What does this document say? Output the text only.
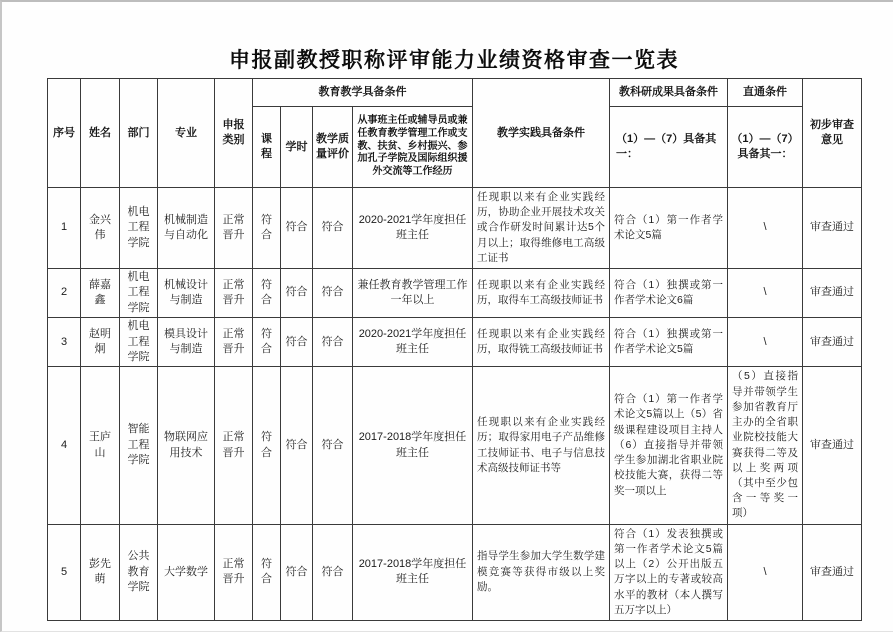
申报副教授职称评审能力业绩资格审查一览表
序号	姓名	部门	专业	申报类别	教育教学具备条件				教学实践具备条件	教科研成果具备条件	直通条件	初步审查意见
					课程	学时	教学质量评价	从事班主任或辅导员或兼任教育教学管理工作或支教、扶贫、乡村振兴、参加孔子学院及国际组织援外交流等工作经历		（1）—（7）具备其一：	（1）—（7）具备其一：	
1	金兴伟	机电工程学院	机械制造与自动化	正常晋升	符合	符合	符合	2020-2021学年度担任班主任	任现职以来有企业实践经历，协助企业开展技术攻关或合作研发时间累计达5个月以上；取得维修电工高级工证书	符合（1）第一作者学术论文5篇	\	审查通过
2	薛嘉鑫	机电工程学院	机械设计与制造	正常晋升	符合	符合	符合	兼任教育教学管理工作一年以上	任现职以来有企业实践经历，取得车工高级技师证书	符合（1）独撰或第一作者学术论文6篇	\	审查通过
3	赵明炯	机电工程学院	模具设计与制造	正常晋升	符合	符合	符合	2020-2021学年度担任班主任	任现职以来有企业实践经历，取得铣工高级技师证书	符合（1）独撰或第一作者学术论文5篇	\	审查通过
4	王庐山	智能工程学院	物联网应用技术	正常晋升	符合	符合	符合	2017-2018学年度担任班主任	任现职以来有企业实践经历；取得家用电子产品维修工技师证书、电子与信息技术高级技师证书等	符合（1）第一作者学术论文5篇以上（5）省级课程建设项目主持人（6）直接指导并带领学生参加湖北省职业院校技能大赛，获得二等奖一项以上	（5）直接指导并带领学生参加省教育厅主办的全省职业院校技能大赛获得二等及以上奖两项（其中至少包含一等奖一项）	审查通过
5	彭先萌	公共教育学院	大学数学	正常晋升	符合	符合	符合	2017-2018学年度担任班主任	指导学生参加大学生数学建模竞赛等获得市级以上奖励。	符合（1）发表独撰或第一作者学术论文5篇以上（2）公开出版五万字以上的专著或较高水平的教材（本人撰写五万字以上）	\	审查通过
